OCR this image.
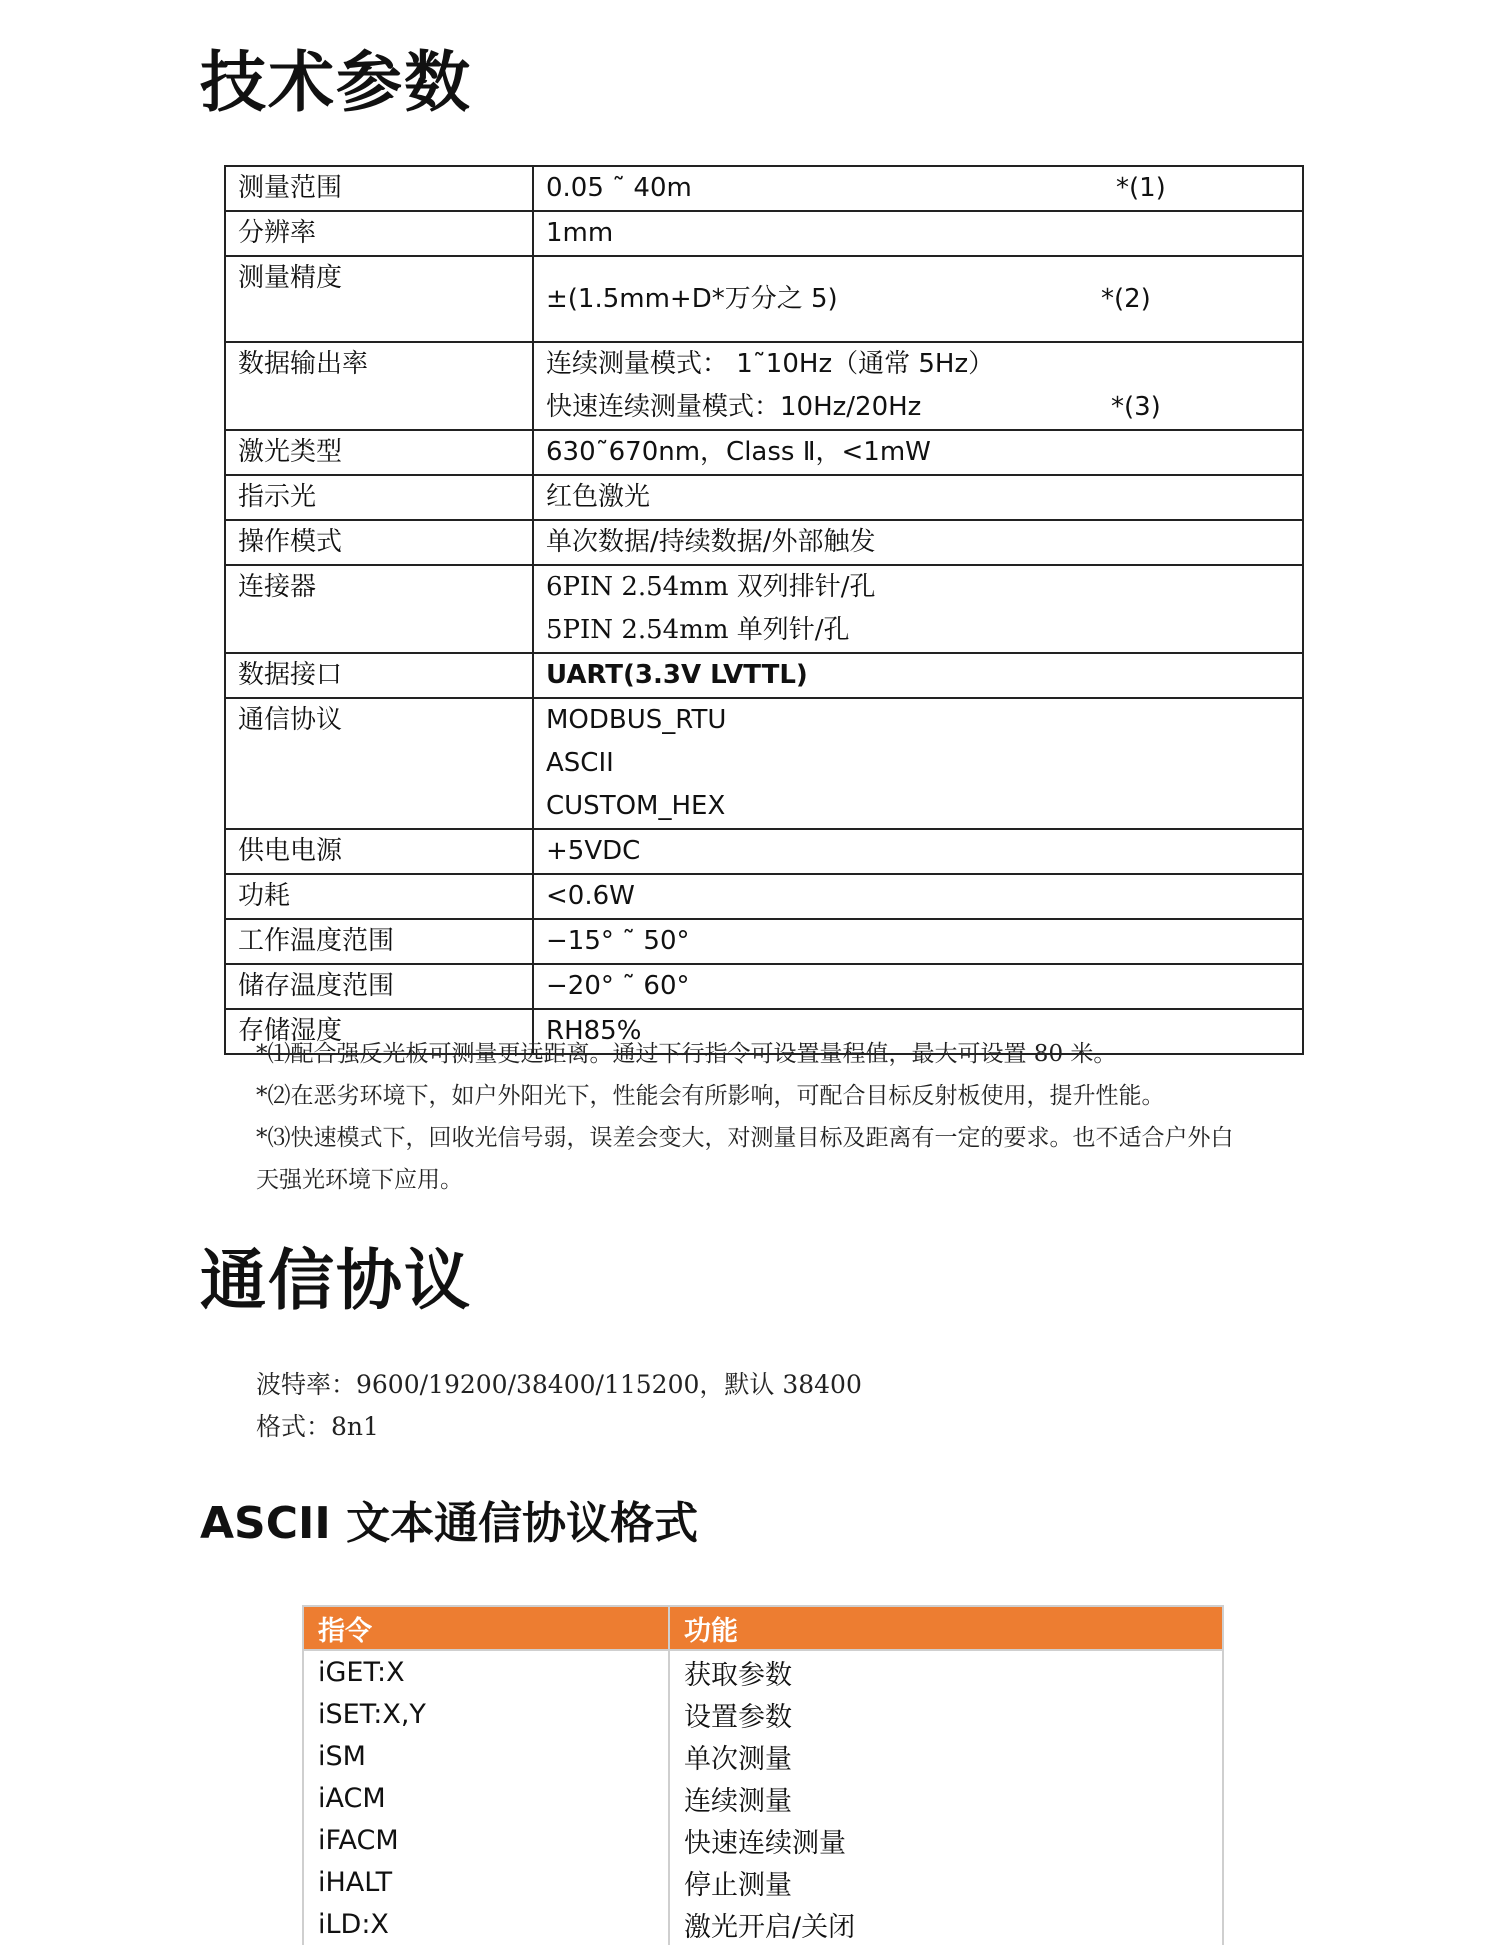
技术参数
测量范围	0.05 ˜ 40m *(1)

分辨率	1mm

测量精度	±(1.5mm+D*万分之 5) *(2)

数据输出率	连续测量模式： 1˜10Hz（通常 5Hz）
快速连续测量模式：10Hz/20Hz *(3)

激光类型	630˜670nm，Class Ⅱ，<1mW

指示光	红色激光

操作模式	单次数据/持续数据/外部触发

连接器	6PIN 2.54mm 双列排针/孔
5PIN 2.54mm 单列针/孔

数据接口	UART(3.3V LVTTL)

通信协议	MODBUS_RTU
ASCII
CUSTOM_HEX

供电电源	+5VDC

功耗	<0.6W

工作温度范围	−15° ˜ 50°

储存温度范围	−20° ˜ 60°

存储湿度	RH85%

*⑴配合强反光板可测量更远距离。通过下行指令可设置量程值，最大可设置 80 米。

*⑵在恶劣环境下，如户外阳光下，性能会有所影响，可配合目标反射板使用，提升性能。

*⑶快速模式下，回收光信号弱，误差会变大，对测量目标及距离有一定的要求。也不适合户外白

天强光环境下应用。

通信协议

波特率：9600/19200/38400/115200，默认 38400

格式：8n1

ASCII 文本通信协议格式
指令	功能
iGET:X	获取参数
iSET:X,Y	设置参数
iSM	单次测量
iACM	连续测量
iFACM	快速连续测量
iHALT	停止测量
iLD:X	激光开启/关闭
